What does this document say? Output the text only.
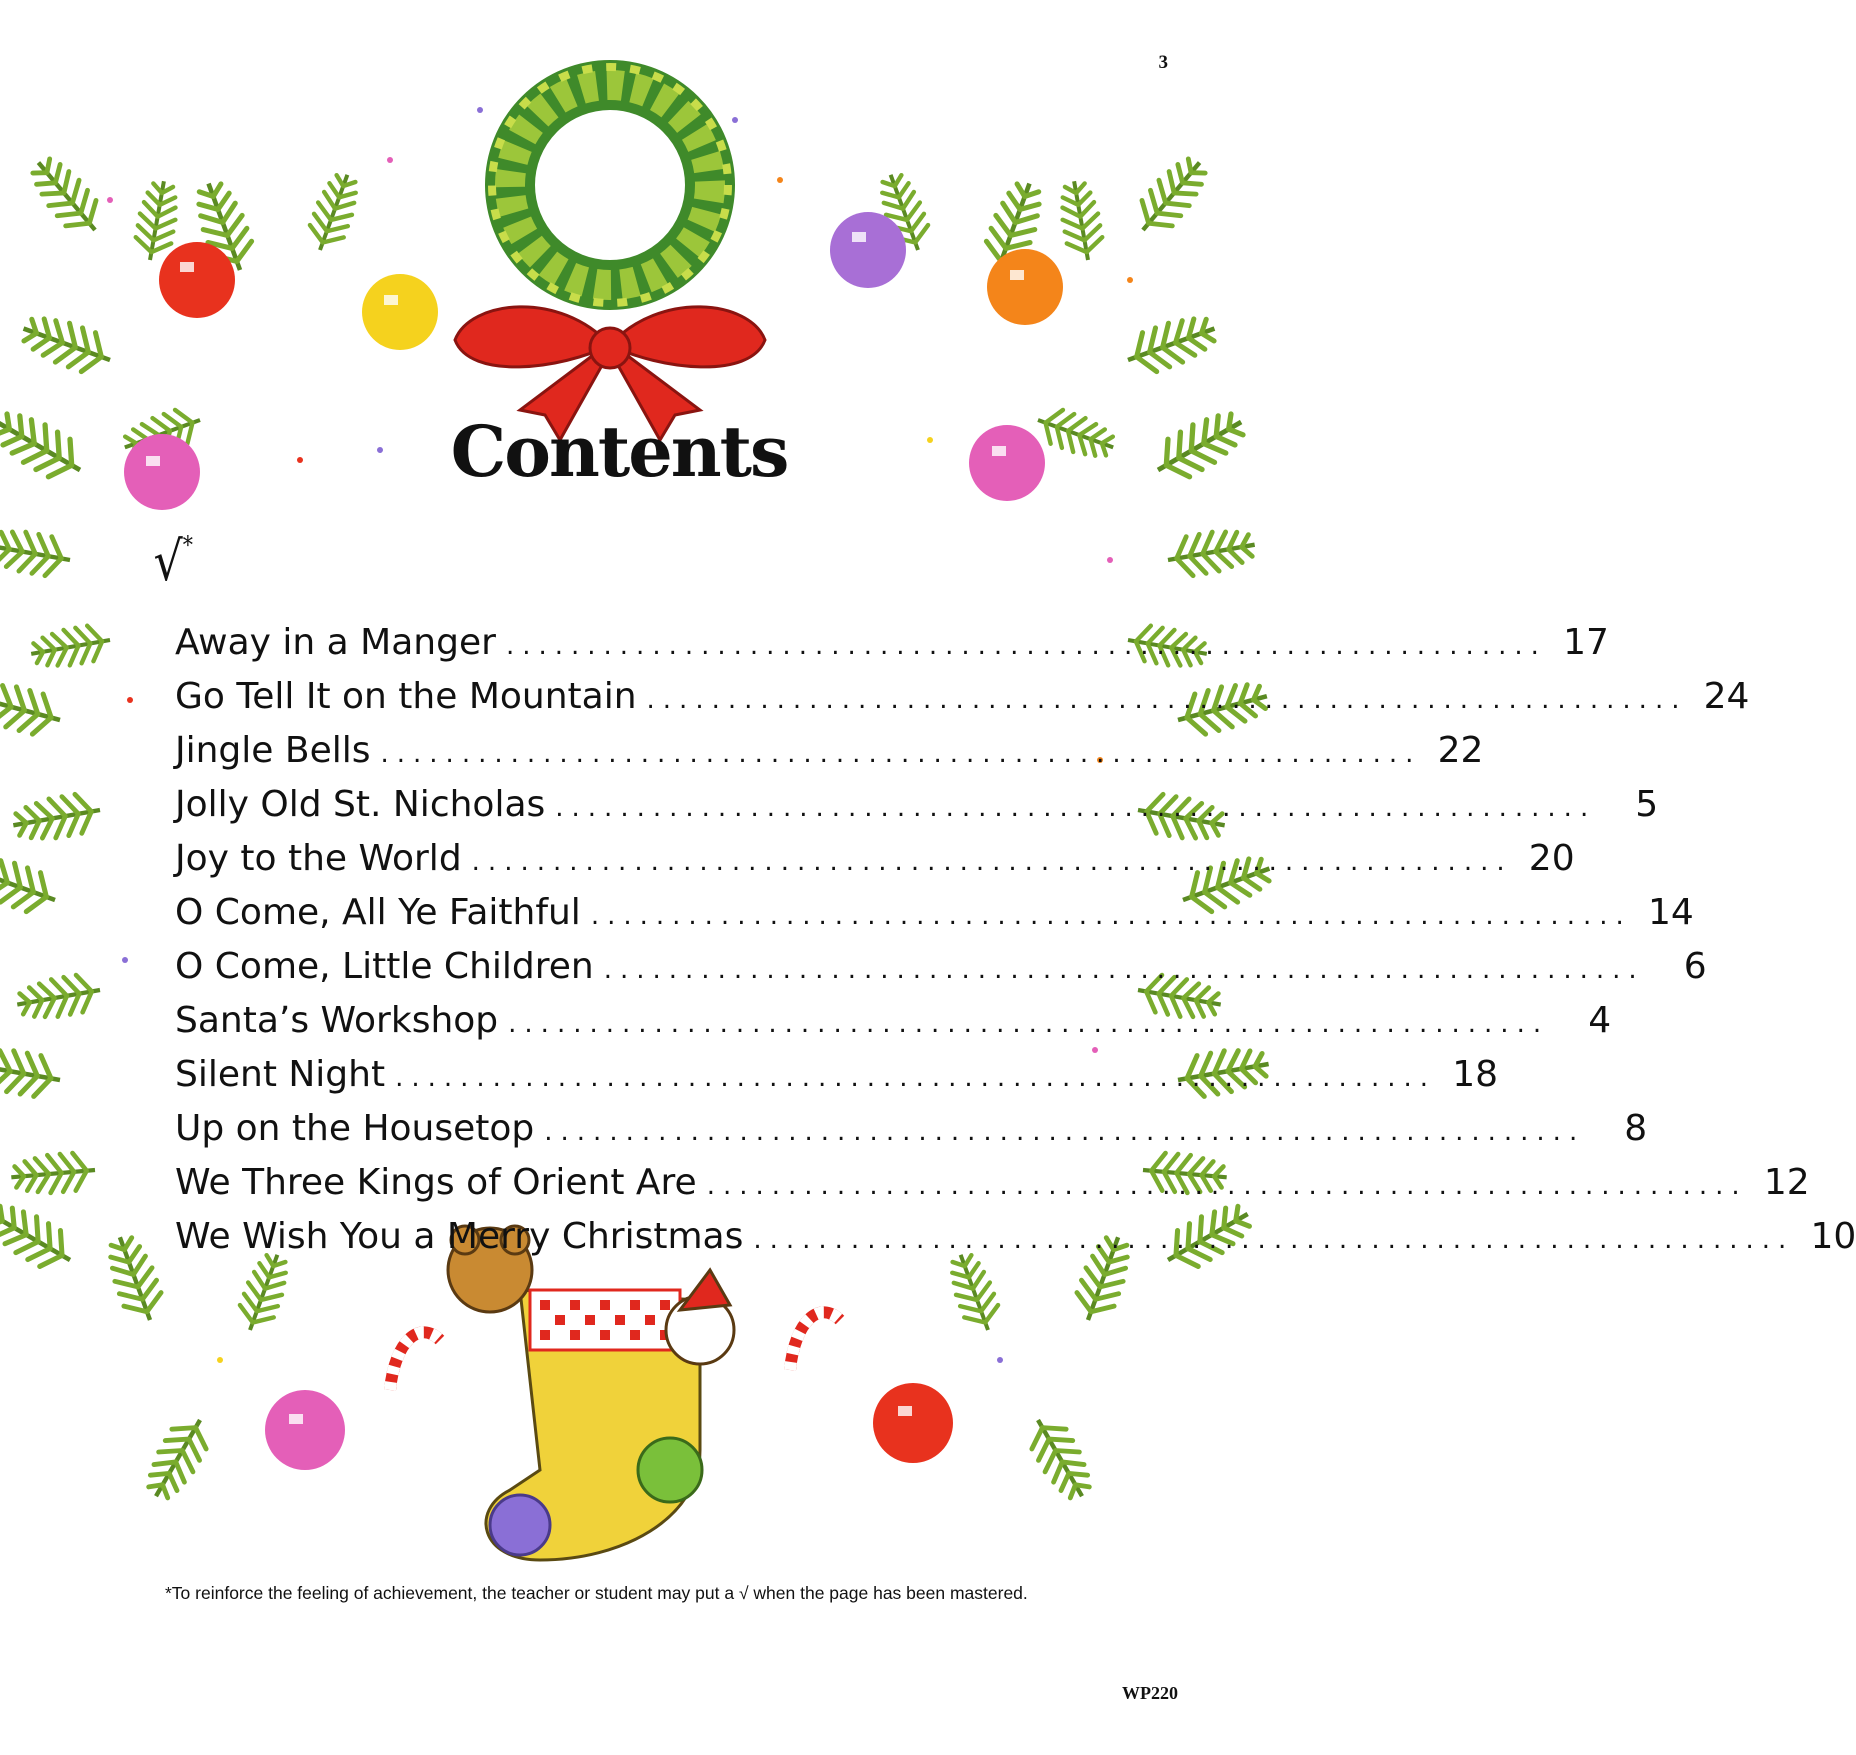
3
Contents
√*
Away in a Manger ................................................................ 17
Go Tell It on the Mountain ................................................................ 24
Jingle Bells ................................................................ 22
Jolly Old St. Nicholas ................................................................	5
Joy to the World ................................................................ 20
O Come, All Ye Faithful ................................................................ 14
O Come, Little Children ................................................................	6
Santa’s Workshop ................................................................	4
Silent Night ................................................................ 18
Up on the Housetop ................................................................	8
We Three Kings of Orient Are ................................................................ 12
We Wish You a Merry Christmas ................................................................ 10
*To reinforce the feeling of achievement, the teacher or student may put a √ when the page has been mastered.
WP220
